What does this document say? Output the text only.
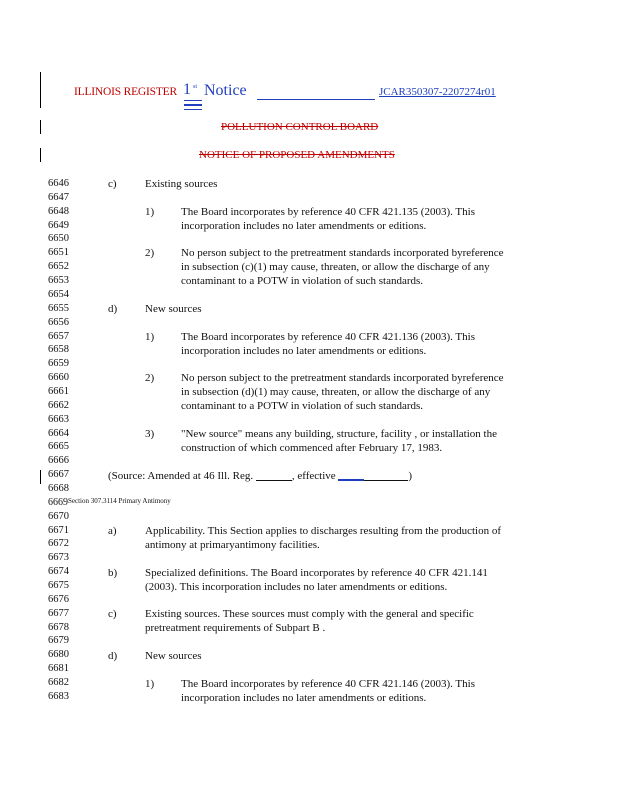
ILLINOIS REGISTER 1 st Notice	JCAR350307-2207274r01
POLLUTION CONTROL BOARD
NOTICE OF PROPOSED AMENDMENTS
6646
6647
6648
6649
6650
6651
6652
6653
6654
6655
6656
6657
6658
6659
6660
6661
6662
6663
6664
6665
6666
6667
6668
6669
6670
6671
6672
6673
6674
6675
6676
6677
6678
6679
6680
6681
6682
6683
c)	Existing sources
1) The Board incorporates by reference 40 CFR 421.135 (2003). This
incorporation includes no later amendments or editions.
2) No person subject to the pretreatment standards incorporated byreference
in subsection (c)(1) may cause, threaten, or allow the discharge of any
contaminant to a POTW in violation of such standards.
d)	New sources
1) The Board incorporates by reference 40 CFR 421.136 (2003). This
incorporation includes no later amendments or editions.
2) No person subject to the pretreatment standards incorporated byreference
in subsection (d)(1) may cause, threaten, or allow the discharge of any
contaminant to a POTW in violation of such standards.
3) "New source" means any building, structure, facility , or installation the
construction of which commenced after February 17, 1983.
(Source: Amended at 46 Ill. Reg.	, effective	)
Section 307.3114 Primary Antimony
a)	Applicability. This Section applies to discharges resulting from the production of
antimony at primaryantimony facilities.
b)	Specialized definitions. The Board incorporates by reference 40 CFR 421.141
(2003). This incorporation includes no later amendments or editions.
c)	Existing sources. These sources must comply with the general and specific
pretreatment requirements of Subpart B .
d)	New sources
1) The Board incorporates by reference 40 CFR 421.146 (2003). This
incorporation includes no later amendments or editions.
